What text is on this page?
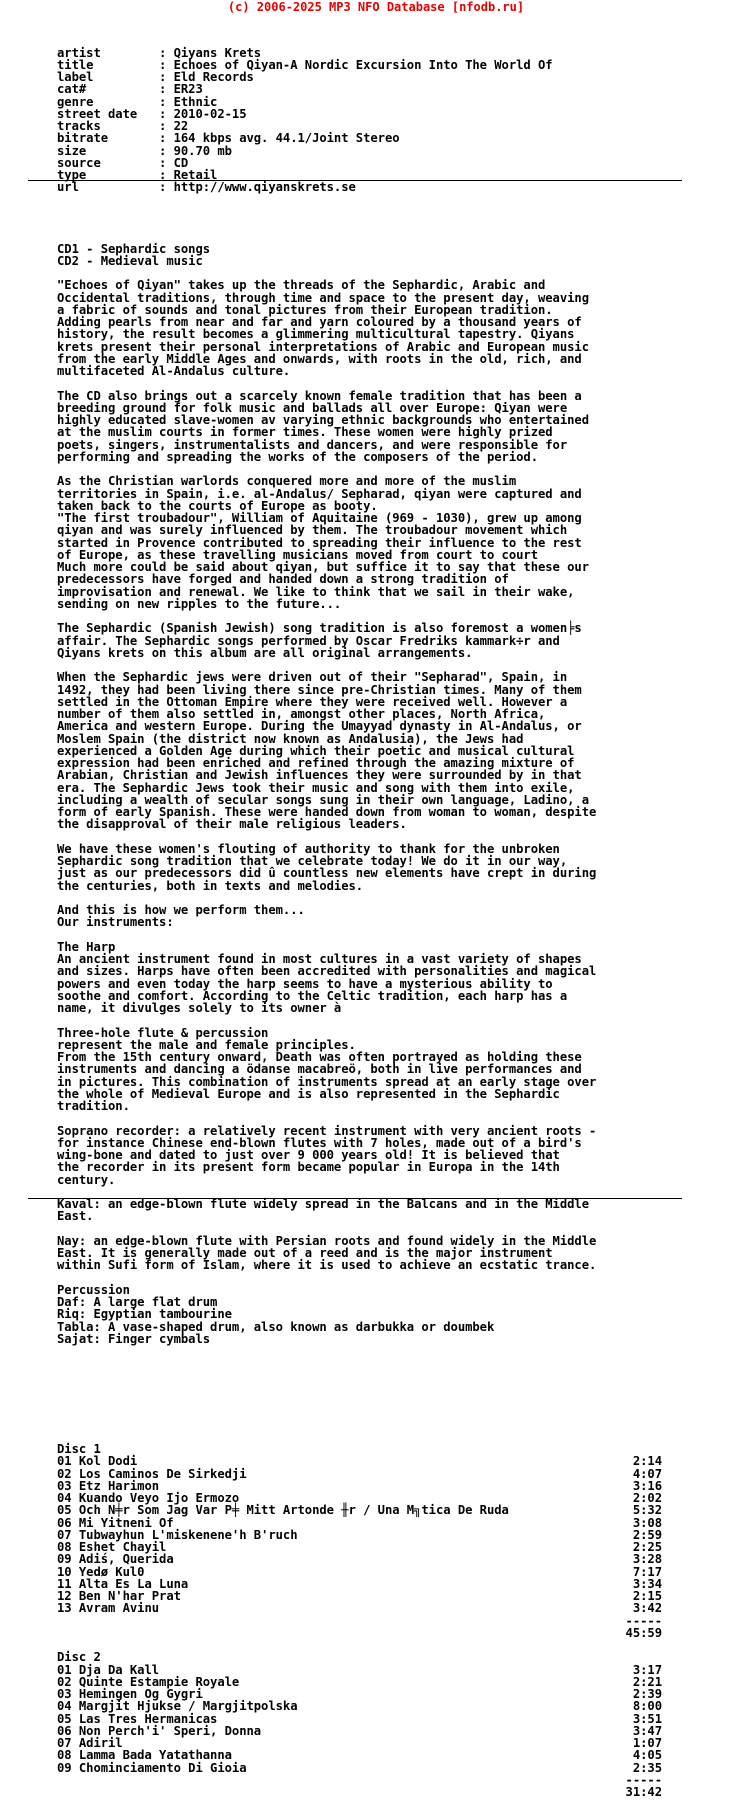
(c) 2006-2025 MP3 NFO Database [nfodb.ru]

artist        : Qiyans Krets
title         : Echoes of Qiyan-A Nordic Excursion Into The World Of
label         : Eld Records
cat#          : ER23
genre         : Ethnic
street date   : 2010-02-15
tracks        : 22
bitrate       : 164 kbps avg. 44.1/Joint Stereo
size          : 90.70 mb
source        : CD
type          : Retail
url           : http://www.qiyanskrets.se

CD1 - Sephardic songs
CD2 - Medieval music
"Echoes of Qiyan" takes up the threads of the Sephardic, Arabic and
Occidental traditions, through time and space to the present day, weaving
a fabric of sounds and tonal pictures from their European tradition.
Adding pearls from near and far and yarn coloured by a thousand years of
history, the result becomes a glimmering multicultural tapestry. Qiyans
krets present their personal interpretations of Arabic and European music
from the early Middle Ages and onwards, with roots in the old, rich, and
multifaceted Al-Andalus culture.
The CD also brings out a scarcely known female tradition that has been a
breeding ground for folk music and ballads all over Europe: Qiyan were
highly educated slave-women av varying ethnic backgrounds who entertained
at the muslim courts in former times. These women were highly prized
poets, singers, instrumentalists and dancers, and were responsible for
performing and spreading the works of the composers of the period.
As the Christian warlords conquered more and more of the muslim
territories in Spain, i.e. al-Andalus/ Sepharad, qiyan were captured and
taken back to the courts of Europe as booty.
"The first troubadour", William of Aquitaine (969 - 1030), grew up among
qiyan and was surely influenced by them. The troubadour movement which
started in Provence contributed to spreading their influence to the rest
of Europe, as these travelling musicians moved from court to court
Much more could be said about qiyan, but suffice it to say that these our
predecessors have forged and handed down a strong tradition of
improvisation and renewal. We like to think that we sail in their wake,
sending on new ripples to the future...
The Sephardic (Spanish Jewish) song tradition is also foremost a women╞s
affair. The Sephardic songs performed by Oscar Fredriks kammark÷r and
Qiyans krets on this album are all original arrangements.
When the Sephardic jews were driven out of their "Sepharad", Spain, in
1492, they had been living there since pre-Christian times. Many of them
settled in the Ottoman Empire where they were received well. However a
number of them also settled in, amongst other places, North Africa,
America and western Europe. During the Umayyad dynasty in Al-Andalus, or
Moslem Spain (the district now known as Andalusia), the Jews had
experienced a Golden Age during which their poetic and musical cultural
expression had been enriched and refined through the amazing mixture of
Arabian, Christian and Jewish influences they were surrounded by in that
era. The Sephardic Jews took their music and song with them into exile,
including a wealth of secular songs sung in their own language, Ladino, a
form of early Spanish. These were handed down from woman to woman, despite
the disapproval of their male religious leaders.
We have these women's flouting of authority to thank for the unbroken
Sephardic song tradition that we celebrate today! We do it in our way,
just as our predecessors did û countless new elements have crept in during
the centuries, both in texts and melodies.
And this is how we perform them...
Our instruments:
The Harp
An ancient instrument found in most cultures in a vast variety of shapes
and sizes. Harps have often been accredited with personalities and magical
powers and even today the harp seems to have a mysterious ability to
soothe and comfort. According to the Celtic tradition, each harp has a
name, it divulges solely to its owner à
Three-hole flute & percussion
represent the male and female principles.
From the 15th century onward, Death was often portrayed as holding these
instruments and dancing a ödanse macabreö, both in live performances and
in pictures. This combination of instruments spread at an early stage over
the whole of Medieval Europe and is also represented in the Sephardic
tradition.
Soprano recorder: a relatively recent instrument with very ancient roots -
for instance Chinese end-blown flutes with 7 holes, made out of a bird's
wing-bone and dated to just over 9 000 years old! It is believed that
the recorder in its present form became popular in Europa in the 14th
century.
Kaval: an edge-blown flute widely spread in the Balcans and in the Middle
East.
Nay: an edge-blown flute with Persian roots and found widely in the Middle
East. It is generally made out of a reed and is the major instrument
within Sufi form of Islam, where it is used to achieve an ecstatic trance.
Percussion
Daf: A large flat drum
Riq: Egyptian tambourine
Tabla: A vase-shaped drum, also known as darbukka or doumbek
Sajat: Finger cymbals

Disc 1
01 Kol Dodi	2:14
02 Los Caminos De Sirkedji	4:07
03 Etz Harimon	3:16
04 Kuando Veyo Ijo Ermozo	2:02
05 Och N╪r Som Jag Var P╪ Mitt Artonde ╫r / Una M╗tica De Ruda	5:32
06 Mi Yitneni Of	3:08
07 Tubwayhun L'miskenene'h B'ruch	2:59
08 Eshet Chayil	2:25
09 Adiś, Querida	3:28
10 Yedø Kul0	7:17
11 Alta Es La Luna	3:34
12 Ben N'har Prat	2:15
13 Avram Avinu	3:42
-----
45:59
Disc 2
01 Dja Da Kall	3:17
02 Quinte Estampie Royale	2:21
03 Hemingen Og Gygri	2:39
04 Margjit Hjukse / Margjitpolska	8:00
05 Las Tres Hermanicas	3:51
06 Non Perch'i' Speri, Donna	3:47
07 Adiril	1:07
08 Lamma Bada Yatathanna	4:05
09 Chominciamento Di Gioia	2:35
-----
31:42
